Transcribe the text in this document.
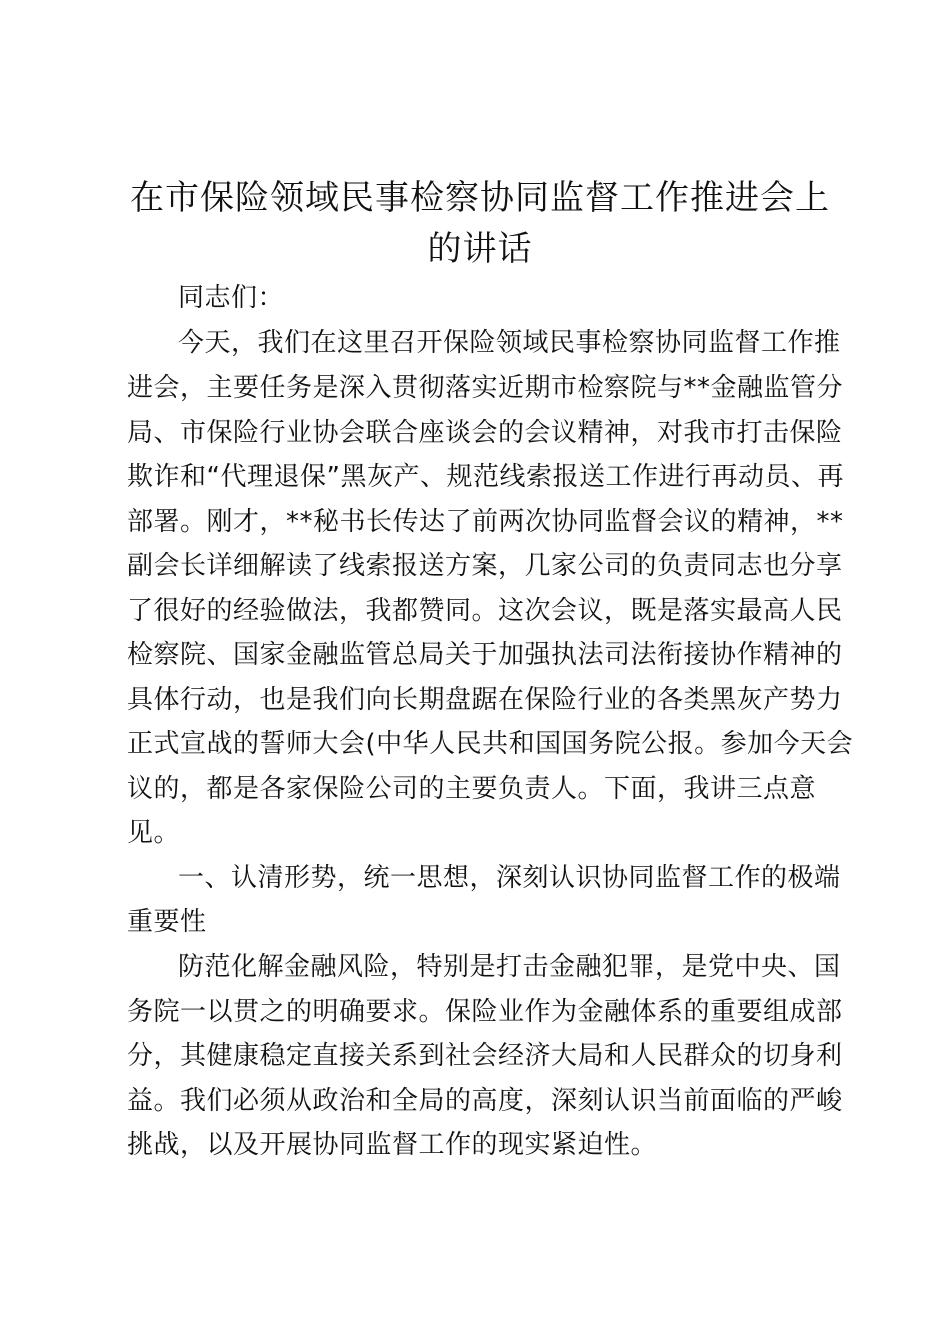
在市保险领域民事检察协同监督工作推进会上
的讲话

同志们：

今天，我们在这里召开保险领域民事检察协同监督工作推

进会，主要任务是深入贯彻落实近期市检察院与**金融监管分

局、市保险行业协会联合座谈会的会议精神，对我市打击保险

欺诈和“代理退保”黑灰产、规范线索报送工作进行再动员、再

部署。刚才，**秘书长传达了前两次协同监督会议的精神，**

副会长详细解读了线索报送方案，几家公司的负责同志也分享

了很好的经验做法，我都赞同。这次会议，既是落实最高人民

检察院、国家金融监管总局关于加强执法司法衔接协作精神的

具体行动，也是我们向长期盘踞在保险行业的各类黑灰产势力

正式宣战的誓师大会(中华人民共和国国务院公报。参加今天会

议的，都是各家保险公司的主要负责人。下面，我讲三点意

见。

一、认清形势，统一思想，深刻认识协同监督工作的极端

重要性

防范化解金融风险，特别是打击金融犯罪，是党中央、国

务院一以贯之的明确要求。保险业作为金融体系的重要组成部

分，其健康稳定直接关系到社会经济大局和人民群众的切身利

益。我们必须从政治和全局的高度，深刻认识当前面临的严峻

挑战，以及开展协同监督工作的现实紧迫性。
